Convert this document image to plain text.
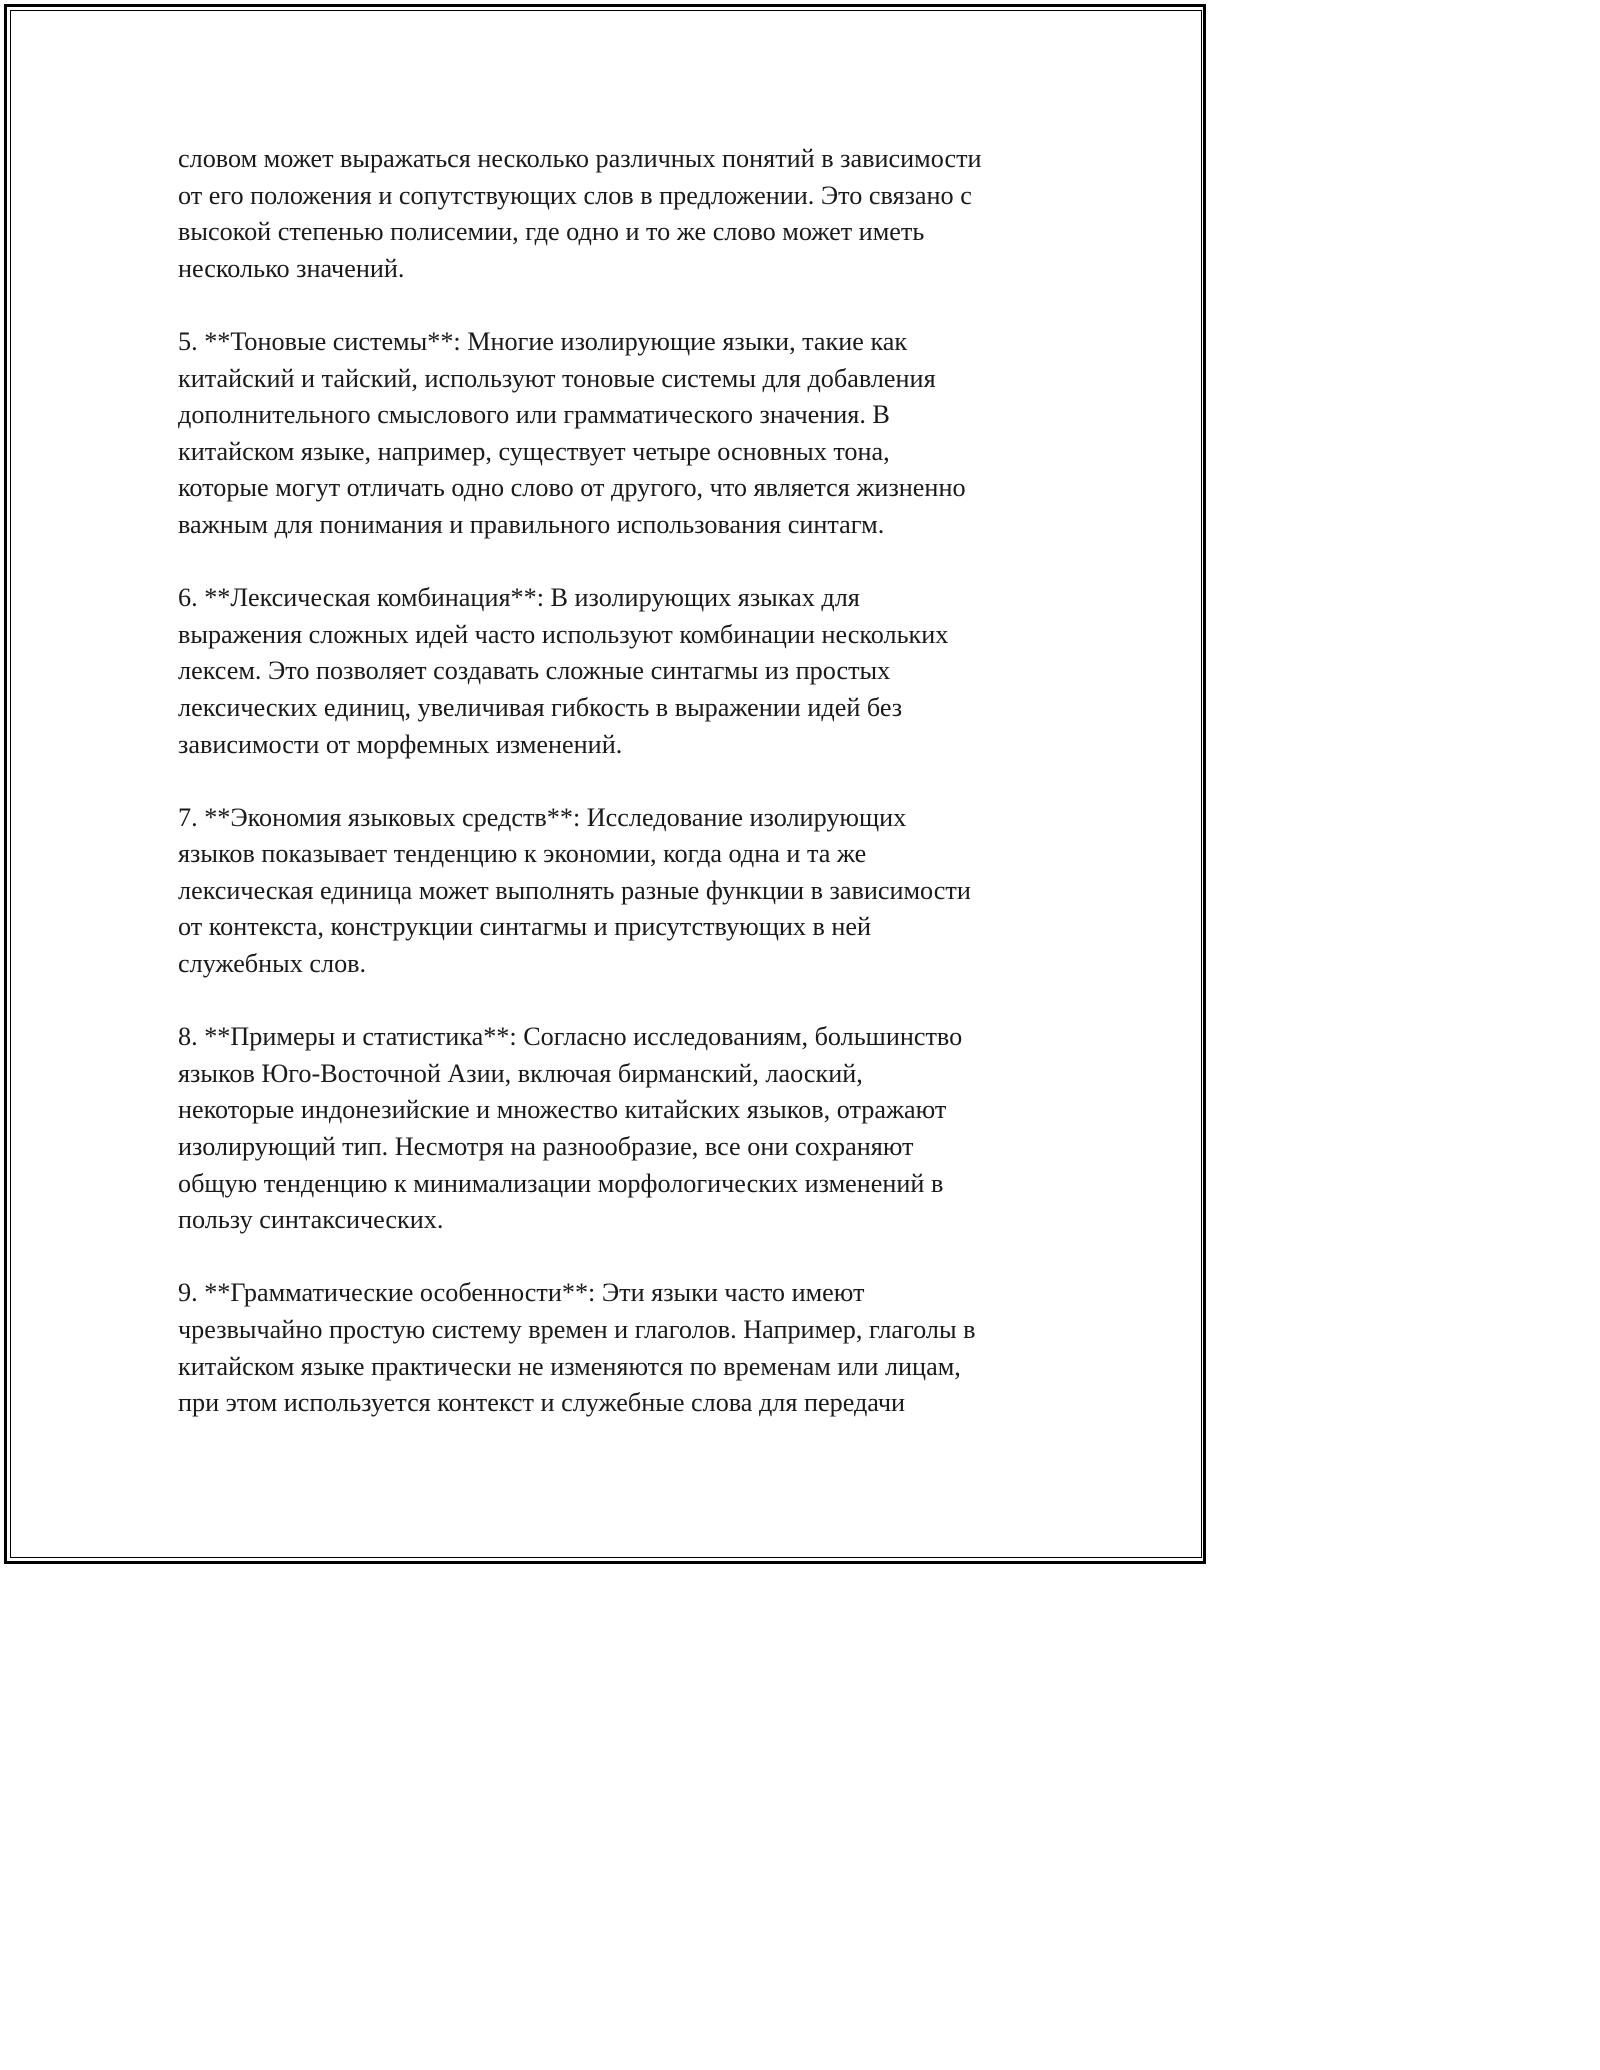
словом может выражаться несколько различных понятий в зависимости
от его положения и сопутствующих слов в предложении. Это связано с
высокой степенью полисемии, где одно и то же слово может иметь
несколько значений.

5. **Тоновые системы**: Многие изолирующие языки, такие как
китайский и тайский, используют тоновые системы для добавления
дополнительного смыслового или грамматического значения. В
китайском языке, например, существует четыре основных тона,
которые могут отличать одно слово от другого, что является жизненно
важным для понимания и правильного использования синтагм.

6. **Лексическая комбинация**: В изолирующих языках для
выражения сложных идей часто используют комбинации нескольких
лексем. Это позволяет создавать сложные синтагмы из простых
лексических единиц, увеличивая гибкость в выражении идей без
зависимости от морфемных изменений.

7. **Экономия языковых средств**: Исследование изолирующих
языков показывает тенденцию к экономии, когда одна и та же
лексическая единица может выполнять разные функции в зависимости
от контекста, конструкции синтагмы и присутствующих в ней
служебных слов.

8. **Примеры и статистика**: Согласно исследованиям, большинство
языков Юго-Восточной Азии, включая бирманский, лаоский,
некоторые индонезийские и множество китайских языков, отражают
изолирующий тип. Несмотря на разнообразие, все они сохраняют
общую тенденцию к минимализации морфологических изменений в
пользу синтаксических.

9. **Грамматические особенности**: Эти языки часто имеют
чрезвычайно простую систему времен и глаголов. Например, глаголы в
китайском языке практически не изменяются по временам или лицам,
при этом используется контекст и служебные слова для передачи
